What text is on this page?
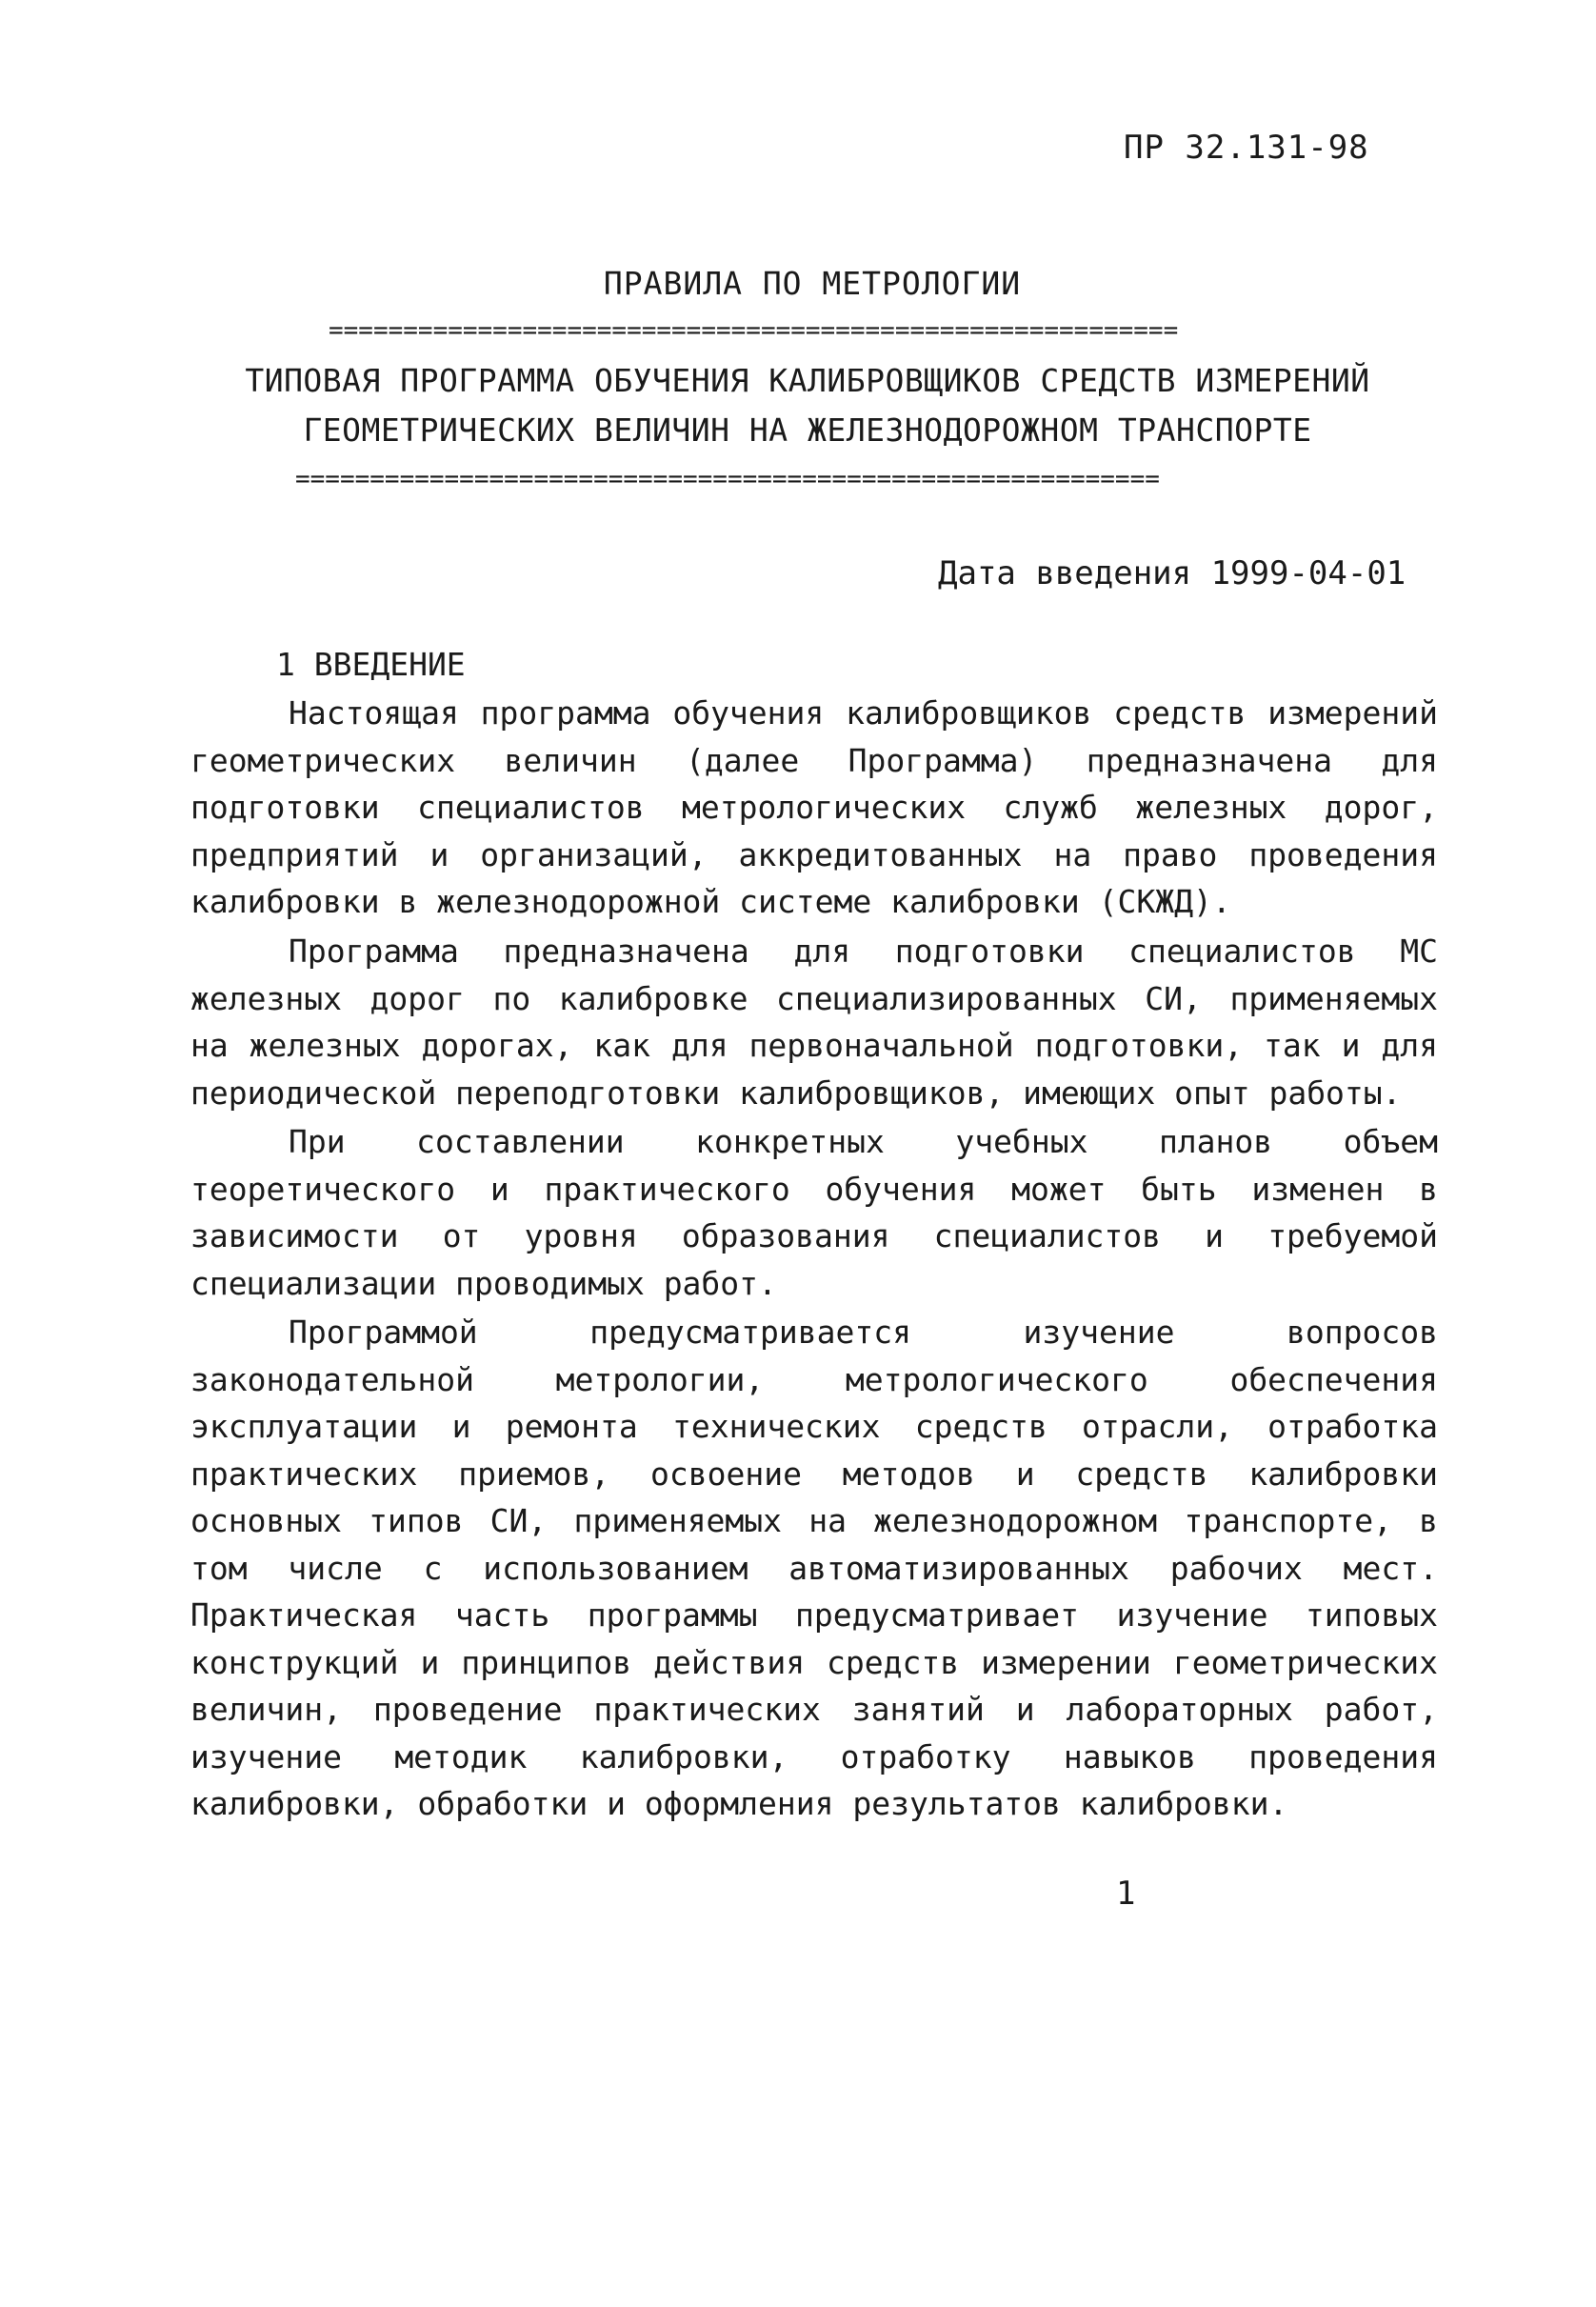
ПР 32.131-98
ПРАВИЛА ПО МЕТРОЛОГИИ
=========================================================
ТИПОВАЯ ПРОГРАММА ОБУЧЕНИЯ КАЛИБРОВЩИКОВ СРЕДСТВ ИЗМЕРЕНИЙ
ГЕОМЕТРИЧЕСКИХ ВЕЛИЧИН НА ЖЕЛЕЗНОДОРОЖНОМ ТРАНСПОРТЕ
==========================================================
Дата введения 1999-04-01
1 ВВЕДЕНИЕ

Настоящая программа обучения калибровщиков средств измерений геометрических величин (далее Программа) предназначена для подготовки специалистов метрологических служб железных дорог, предприятий и организаций, аккредитованных на право проведения калибровки в железнодорожной системе калибровки (СКЖД).

Программа предназначена для подготовки специалистов МС железных дорог по калибровке специализированных СИ, применяемых на железных дорогах, как для первоначальной подготовки, так и для периодической переподготовки калибровщиков, имеющих опыт работы.

При составлении конкретных учебных планов объем теоретического и практического обучения может быть изменен в зависимости от уровня образования специалистов и требуемой специализации проводимых работ.

Программой предусматривается изучение вопросов законодательной метрологии, метрологического обеспечения эксплуатации и ремонта технических средств отрасли, отработка практических приемов, освоение методов и средств калибровки основных типов СИ, применяемых на железнодорожном транспорте, в том числе с использованием автоматизированных рабочих мест. Практическая часть программы предусматривает изучение типовых конструкций и принципов действия средств измерении геометрических величин, проведение практических занятий и лабораторных работ, изучение методик калибровки, отработку навыков проведения калибровки, обработки и оформления результатов калибровки.

1
